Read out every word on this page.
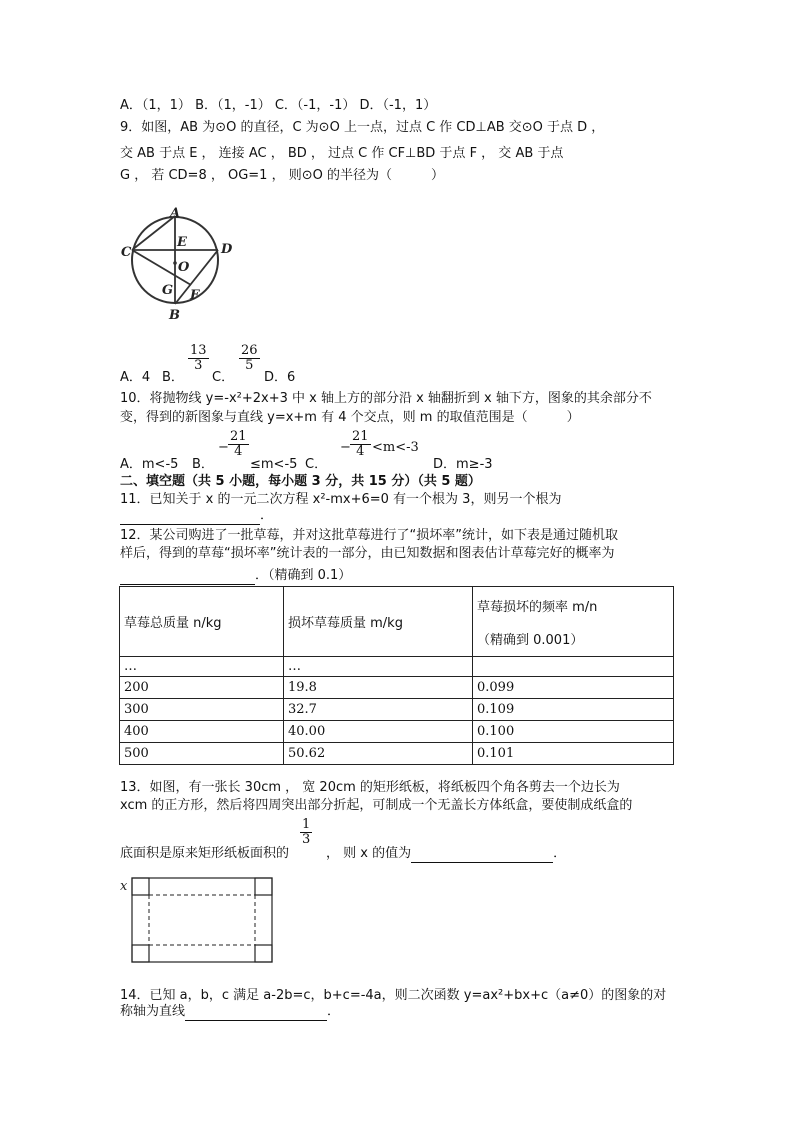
A．（1，1） B．（1，-1） C．（-1，-1） D．（-1，1）
9．如图，AB 为⊙O 的直径，C 为⊙O 上一点，过点 C 作 CD⊥AB 交⊙O 于点 D ，
交 AB 于点 E ， 连接 AC ， BD ， 过点 C 作 CF⊥BD 于点 F ， 交 AB 于点
G ， 若 CD=8 ， OG=1 ， 则⊙O 的半径为（　　　）
A
B
C	D
E
O
G F
A．4 B．
$\frac{13}{3}$
C．
$\frac{26}{5}$
D．6
10．将抛物线 y=-x²+2x+3 中 x 轴上方的部分沿 x 轴翻折到 x 轴下方，图象的其余部分不
变，得到的新图象与直线 y=x+m 有 4 个交点，则 m 的取值范围是（　　　）
A．m<-5 B．
− $\frac{21}{4}$
≤m<-5 C．
− $\frac{21}{4} <m<-3$
D．m≥-3
二、填空题（共 5 小题，每小题 3 分，共 15 分）（共 5 题）
11．已知关于 x 的一元二次方程 x²-mx+6=0 有一个根为 3，则另一个根为
．
12．某公司购进了一批草莓，并对这批草莓进行了“损坏率”统计，如下表是通过随机取
样后，得到的草莓“损坏率”统计表的一部分，由已知数据和图表估计草莓完好的概率为
．（精确到 0.1）
草莓总质量 n/kg	损坏草莓质量 m/kg	草莓损坏的频率 m/n
（精确到 0.001）

…	…	
200	19.8	0.099
300	32.7	0.109
400	40.00	0.100
500	50.62	0.101
13．如图，有一张长 30cm ， 宽 20cm 的矩形纸板，将纸板四个角各剪去一个边长为
xcm 的正方形，然后将四周突出部分折起，可制成一个无盖长方体纸盒，要使制成纸盒的
底面积是原来矩形纸板面积的
$\frac{1}{3}$
， 则 x 的值为	．
x
14．已知 a，b，c 满足 a-2b=c，b+c=-4a，则二次函数 y=ax²+bx+c（a≠0）的图象的对
称轴为直线	．
